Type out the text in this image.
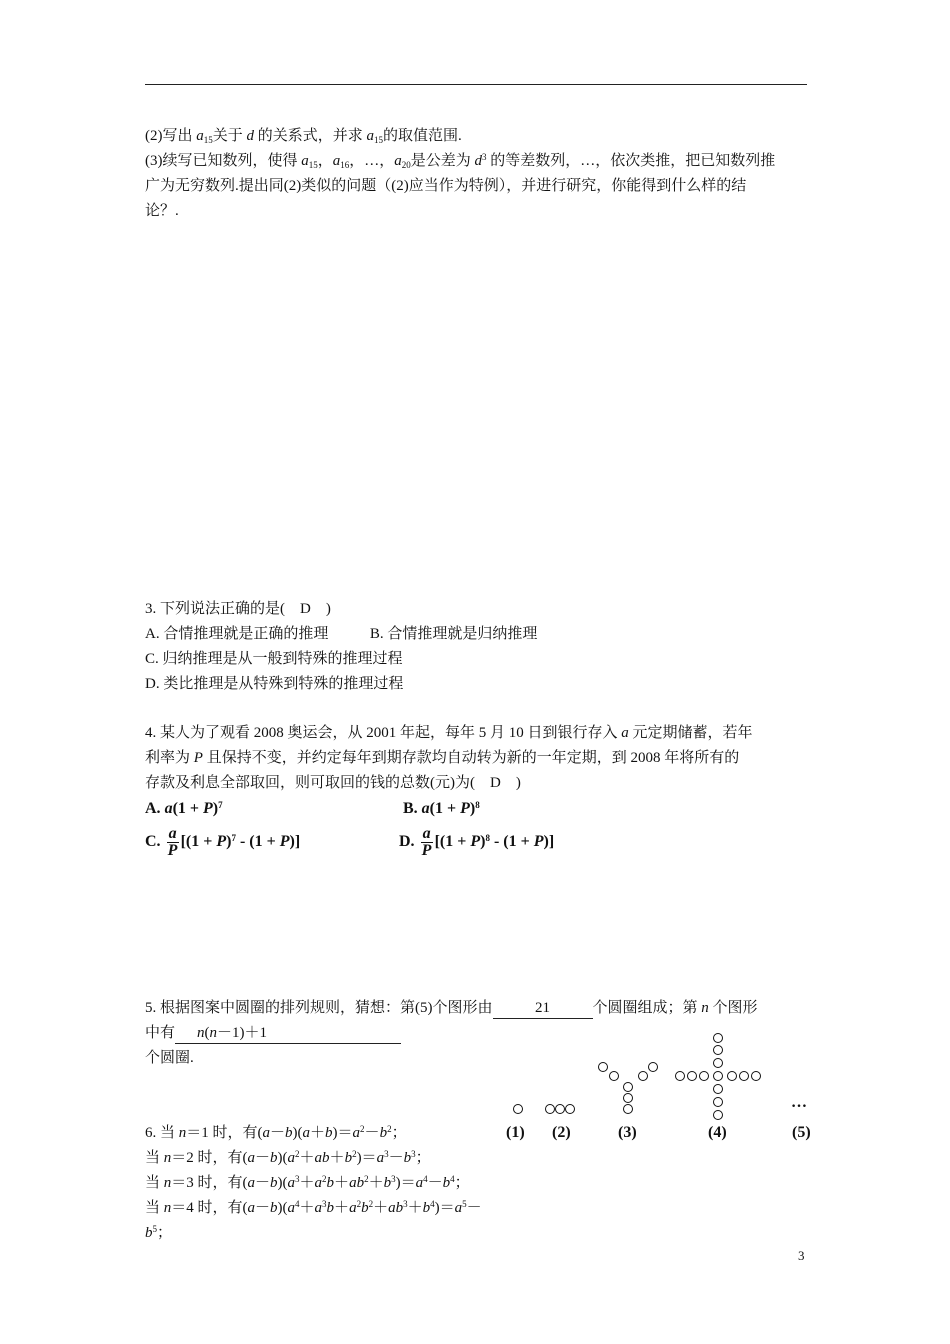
(2)写出 $a_{15}$关于 d 的关系式，并求 $a_{15}$的取值范围.

(3)续写已知数列，使得 $a_{15}$，$a_{16}$，…，$a_{20}$是公差为 $d^3$ 的等差数列，…，依次类推，把已知数列推

广为无穷数列.提出同(2)类似的问题（(2)应当作为特例），并进行研究，你能得到什么样的结

论？.

3. 下列说法正确的是(　D　)

A. 合情推理就是正确的推理	B. 合情推理就是归纳推理

C. 归纳推理是从一般到特殊的推理过程

D. 类比推理是从特殊到特殊的推理过程

4. 某人为了观看 2008 奥运会，从 2001 年起，每年 5 月 10 日到银行存入 a 元定期储蓄，若年

利率为 P 且保持不变，并约定每年到期存款均自动转为新的一年定期，到 2008 年将所有的

存款及利息全部取回，则可取回的钱的总数(元)为(　D　)

A. $a(1 + P)^7$	B. $a(1 + P)^8$
C. $\frac{a}{P} [(1 + P)^7 - (1 + P)]$	D. $\frac{a}{P} [(1 + P)^8 - (1 + P)]$

5. 根据图案中圆圈的排列规则，猜想：第(5)个图形由	21	个圆圈组成；第 n 个图形

中有 n(n－1)＋1

个圆圈.

…
(1) (2)	(3)	(4)	(5)

6. 当 n＝1 时，有$(a-b)(a+b)=a^2-b^2$；

当 n＝2 时，有$(a-b)(a^2+ab+b^2)=a^3-b^3$；

当 n＝3 时，有$(a-b)(a^3+a^2b+ab^2+b^3)=a^4-b^4$；

当 n＝4 时，有$(a-b)(a^4+a^3b+a^2b^2+ab^3+b^4)=a^5-b^5$；

3
